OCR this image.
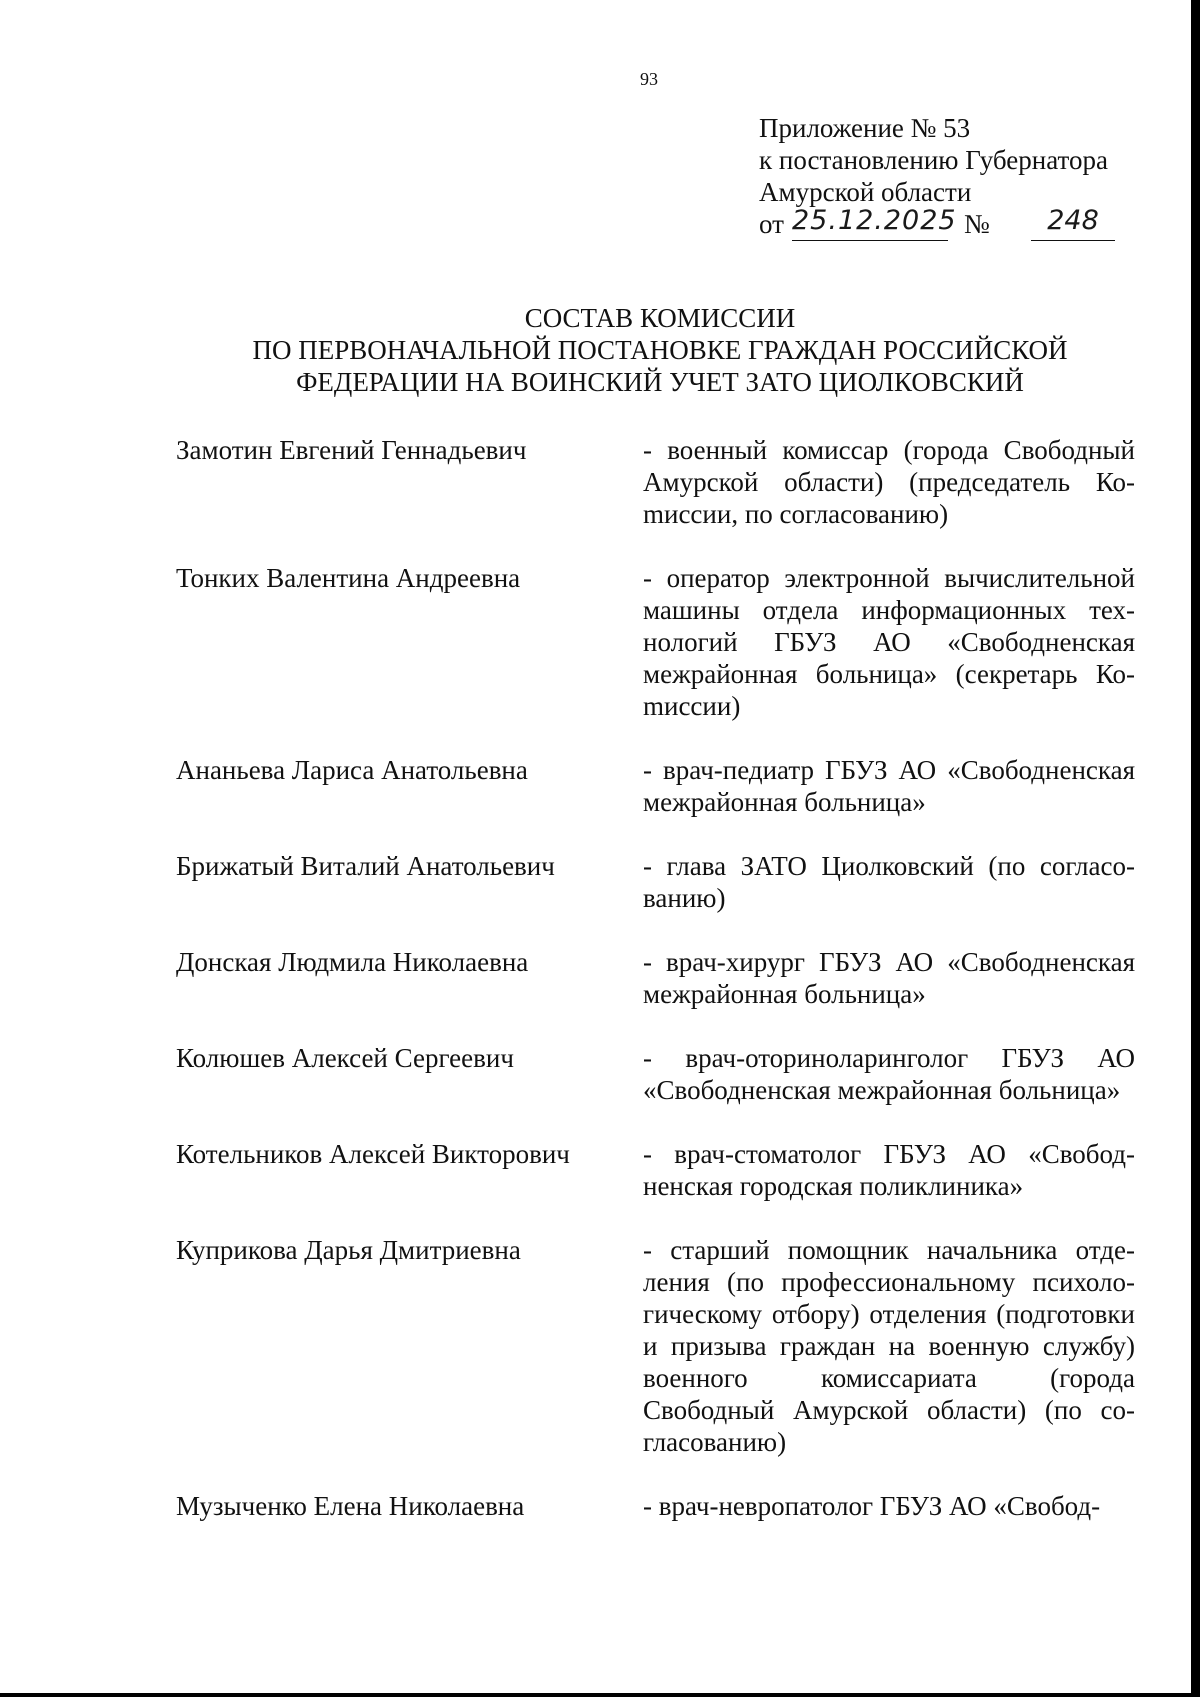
93
Приложение № 53
к постановлению Губернатора
Амурской области
от 25.12.2025 №	248
СОСТАВ КОМИССИИ
ПО ПЕРВОНАЧАЛЬНОЙ ПОСТАНОВКЕ ГРАЖДАН РОССИЙСКОЙ
ФЕДЕРАЦИИ НА ВОИНСКИЙ УЧЕТ ЗАТО ЦИОЛКОВСКИЙ
Замотин Евгений Геннадьевич	- военный комиссар (города Свободный Амурской области) (председатель Коmиссии, по согласованию)
Тонких Валентина Андреевна	- оператор электронной вычислительной машины отдела информационных технологий ГБУЗ АО «Свободненская межрайонная больница» (секретарь Коmиссии)
Ананьева Лариса Анатольевна	- врач-педиатр ГБУЗ АО «Свободненская межрайонная больница»
Брижатый Виталий Анатольевич	- глава ЗАТО Циолковский (по согласованию)
Донская Людмила Николаевна	- врач-хирург ГБУЗ АО «Свободненская межрайонная больница»
Колюшев Алексей Сергеевич	- врач-оториноларинголог ГБУЗ АО «Свободненская межрайонная больница»
Котельников Алексей Викторович	- врач-стоматолог ГБУЗ АО «Свободненская городская поликлиника»
Куприкова Дарья Дмитриевна	- старший помощник начальника отделения (по профессиональному психологическому отбору) отделения (подготовки и призыва граждан на военную службу) военного комиссариата (города Свободный Амурской области) (по согласованию)
Музыченко Елена Николаевна	- врач-невропатолог ГБУЗ АО «Свобод-
